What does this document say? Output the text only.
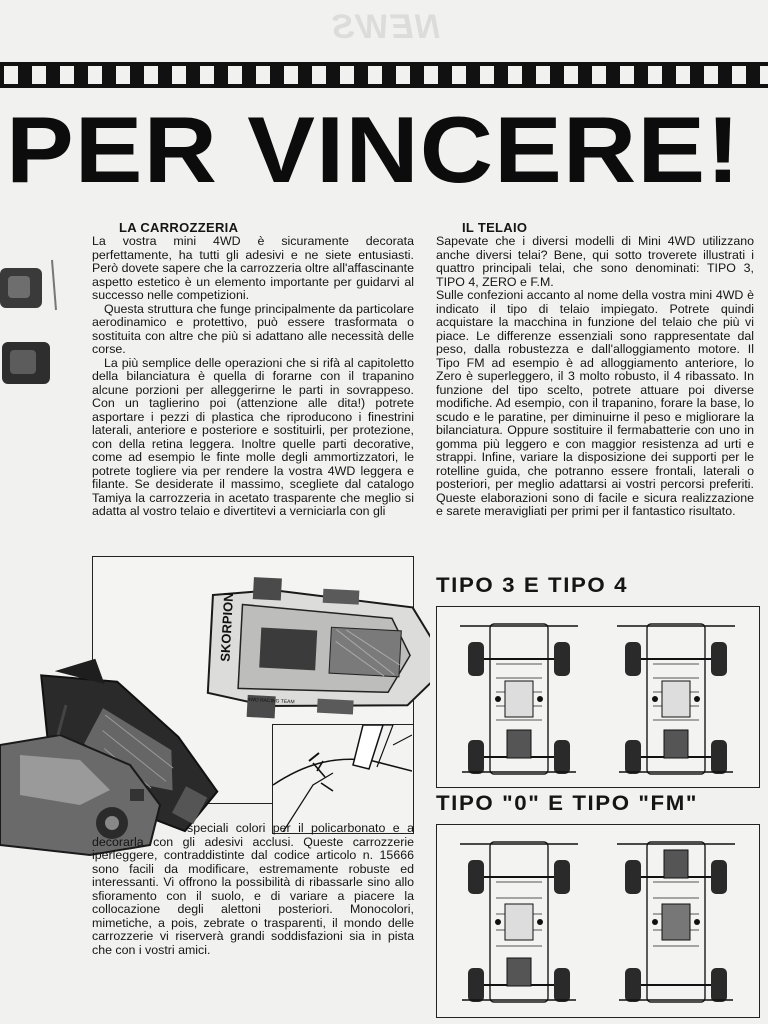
NEWS
PER VINCERE!
LA CARROZZERIA

La vostra mini 4WD è sicuramente decorata perfettamente, ha tutti gli adesivi e ne siete entusiasti. Però dovete sapere che la carrozzeria oltre all'affascinante aspetto estetico è un elemento importante per guidarvi al successo nelle competizioni.

Questa struttura che funge principalmente da particolare aerodinamico e protettivo, può essere trasformata o sostituita con altre che più si adattano alle necessità delle corse.

La più semplice delle operazioni che si rifà al capitoletto della bilanciatura è quella di forarne con il trapanino alcune porzioni per alleggerirne le parti in sovrappeso. Con un taglierino poi (attenzione alle dita!) potrete asportare i pezzi di plastica che riproducono i finestrini laterali, anteriore e posteriore e sostituirli, per protezione, con della retina leggera. Inoltre quelle parti decorative, come ad esempio le finte molle degli ammortizzatori, le potrete togliere via per rendere la vostra 4WD leggera e filante. Se desiderate il massimo, scegliete dal catalogo Tamiya la carrozzeria in acetato trasparente che meglio si adatta al vostro telaio e divertitevi a verniciarla con gli

SKORPION
4WD RACING TEAM

speciali colori per il policarbonato e a decorarla con gli adesivi acclusi. Queste carrozzerie iperleggere, contraddistinte dal codice articolo n. 15666 sono facili da modificare, estremamente robuste ed interessanti. Vi offrono la possibilità di ribassarle sino allo sfioramento con il suolo, e di variare a piacere la collocazione degli alettoni posteriori. Monocolori, mimetiche, a pois, zebrate o trasparenti, il mondo delle carrozzerie vi riserverà grandi soddisfazioni sia in pista che con i vostri amici.

IL TELAIO

Sapevate che i diversi modelli di Mini 4WD utilizzano anche diversi telai? Bene, qui sotto troverete illustrati i quattro principali telai, che sono denominati: TIPO 3, TIPO 4, ZERO e F.M.

Sulle confezioni accanto al nome della vostra mini 4WD è indicato il tipo di telaio impiegato. Potrete quindi acquistare la macchina in funzione del telaio che più vi piace. Le differenze essenziali sono rappresentate dal peso, dalla robustezza e dall'alloggiamento motore. Il Tipo FM ad esempio è ad alloggiamento anteriore, lo Zero è superleggero, il 3 molto robusto, il 4 ribassato. In funzione del tipo scelto, potrete attuare poi diverse modifiche. Ad esempio, con il trapanino, forare la base, lo scudo e le paratine, per diminuirne il peso e migliorare la bilanciatura. Oppure sostituire il fermabatterie con uno in gomma più leggero e con maggior resistenza ad urti e strappi. Infine, variare la disposizione dei supporti per le rotelline guida, che potranno essere frontali, laterali o posteriori, per meglio adattarsi ai vostri percorsi preferiti. Queste elaborazioni sono di facile e sicura realizzazione e sarete meravigliati per primi per il fantastico risultato.

TIPO 3 E TIPO 4
TIPO "0" E TIPO "FM"
